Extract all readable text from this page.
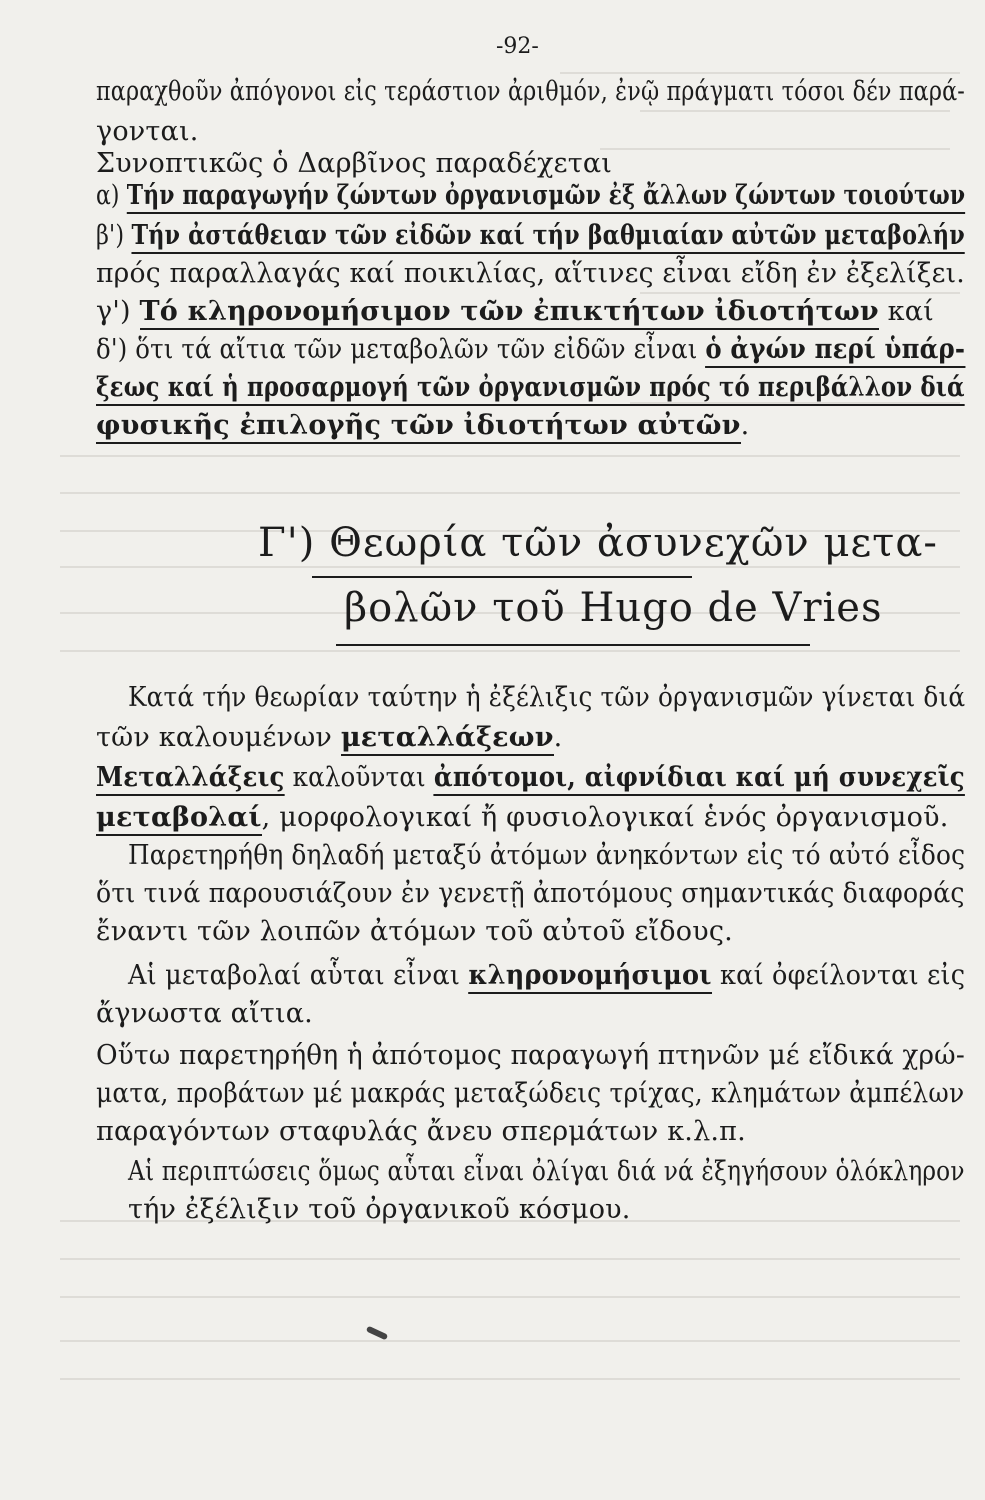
-92-
παραχθοῦν ἀπόγονοι εἰς τεράστιον ἀριθμόν, ἐνῷ πράγματι τόσοι δέν παρά-
γονται.
Συνοπτικῶς ὁ Δαρβῖνος παραδέχεται
α) Τήν παραγωγήν ζώντων ὀργανισμῶν ἐξ ἄλλων ζώντων τοιούτων
β') Τήν ἀστάθειαν τῶν εἰδῶν καί τήν βαθμιαίαν αὐτῶν μεταβολήν
πρός παραλλαγάς καί ποικιλίας, αἵτινες εἶναι εἴδη ἐν ἐξελίξει.
γ') Τό κληρονομήσιμον τῶν ἐπικτήτων ἰδιοτήτων καί
δ') ὅτι τά αἴτια τῶν μεταβολῶν τῶν εἰδῶν εἶναι ὁ ἀγών περί ὑπάρ-
ξεως καί ἡ προσαρμογή τῶν ὀργανισμῶν πρός τό περιβάλλον διά
φυσικῆς ἐπιλογῆς τῶν ἰδιοτήτων αὐτῶν.
Γ') Θεωρία τῶν ἀσυνεχῶν μετα-
βολῶν τοῦ Hugo de Vries
Κατά τήν θεωρίαν ταύτην ἡ ἐξέλιξις τῶν ὀργανισμῶν γίνεται διά
τῶν καλουμένων μεταλλάξεων.
Μεταλλάξεις καλοῦνται ἀπότομοι, αἰφνίδιαι καί μή συνεχεῖς
μεταβολαί, μορφολογικαί ἤ φυσιολογικαί ἑνός ὀργανισμοῦ.
Παρετηρήθη δηλαδή μεταξύ ἀτόμων ἀνηκόντων εἰς τό αὐτό εἶδος
ὅτι τινά παρουσιάζουν ἐν γενετῇ ἀποτόμους σημαντικάς διαφοράς
ἔναντι τῶν λοιπῶν ἀτόμων τοῦ αὐτοῦ εἴδους.
Αἱ μεταβολαί αὗται εἶναι κληρονομήσιμοι καί ὀφείλονται εἰς
ἄγνωστα αἴτια.
Οὕτω παρετηρήθη ἡ ἀπότομος παραγωγή πτηνῶν μέ εἴδικά χρώ-
ματα, προβάτων μέ μακράς μεταξώδεις τρίχας, κλημάτων ἀμπέλων
παραγόντων σταφυλάς ἄνευ σπερμάτων κ.λ.π.
Αἱ περιπτώσεις ὅμως αὗται εἶναι ὀλίγαι διά νά ἐξηγήσουν ὁλόκληρον
τήν ἐξέλιξιν τοῦ ὀργανικοῦ κόσμου.
